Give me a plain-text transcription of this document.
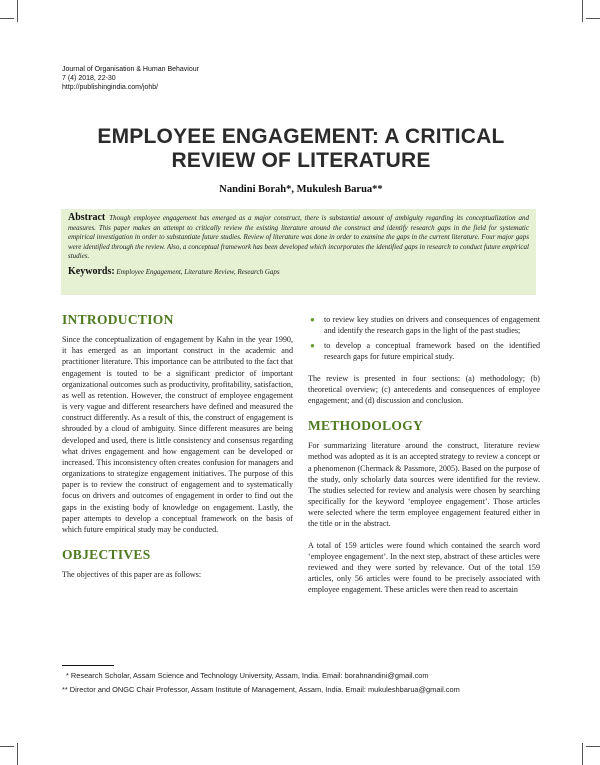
Journal of Organisation & Human Behaviour
7 (4) 2018, 22-30
http://publishingindia.com/johb/
EMPLOYEE ENGAGEMENT: A CRITICAL REVIEW OF LITERATURE
Nandini Borah*, Mukulesh Barua**
Abstract Though employee engagement has emerged as a major construct, there is substantial amount of ambiguity regarding its conceptualization and measures. This paper makes an attempt to critically review the existing literature around the construct and identify research gaps in the field for systematic empirical investigation in order to substantiate future studies. Review of literature was done in order to examine the gaps in the current literature. Four major gaps were identified through the review. Also, a conceptual framework has been developed which incorporates the identified gaps in research to conduct future empirical studies.
Keywords: Employee Engagement, Literature Review, Research Gaps
INTRODUCTION

Since the conceptualization of engagement by Kahn in the year 1990, it has emerged as an important construct in the academic and practitioner literature. This importance can be attributed to the fact that engagement is touted to be a significant predictor of important organizational outcomes such as productivity, profitability, satisfaction, as well as retention. However, the construct of employee engagement is very vague and different researchers have defined and measured the construct differently. As a result of this, the construct of engagement is shrouded by a cloud of ambiguity. Since different measures are being developed and used, there is little consistency and consensus regarding what drives engagement and how engagement can be developed or increased. This inconsistency often creates confusion for managers and organizations to strategize engagement initiatives. The purpose of this paper is to review the construct of engagement and to systematically focus on drivers and outcomes of engagement in order to find out the gaps in the existing body of knowledge on engagement. Lastly, the paper attempts to develop a conceptual framework on the basis of which future empirical study may be conducted.

OBJECTIVES

The objectives of this paper are as follows:

● to review key studies on drivers and consequences of engagement and identify the research gaps in the light of the past studies;
● to develop a conceptual framework based on the identified research gaps for future empirical study.

The review is presented in four sections: (a) methodology; (b) theoretical overview; (c) antecedents and consequences of employee engagement; and (d) discussion and conclusion.

METHODOLOGY

For summarizing literature around the construct, literature review method was adopted as it is an accepted strategy to review a concept or a phenomenon (Chermack & Passmore, 2005). Based on the purpose of the study, only scholarly data sources were identified for the review. The studies selected for review and analysis were chosen by searching specifically for the keyword ‘employee engagement’. Those articles were selected where the term employee engagement featured either in the title or in the abstract.

A total of 159 articles were found which contained the search word ‘employee engagement’. In the next step, abstract of these articles were reviewed and they were sorted by relevance. Out of the total 159 articles, only 56 articles were found to be precisely associated with employee engagement. These articles were then read to ascertain

* Research Scholar, Assam Science and Technology University, Assam, India. Email: borahnandini@gmail.com
** Director and ONGC Chair Professor, Assam Institute of Management, Assam, India. Email: mukuleshbarua@gmail.com
